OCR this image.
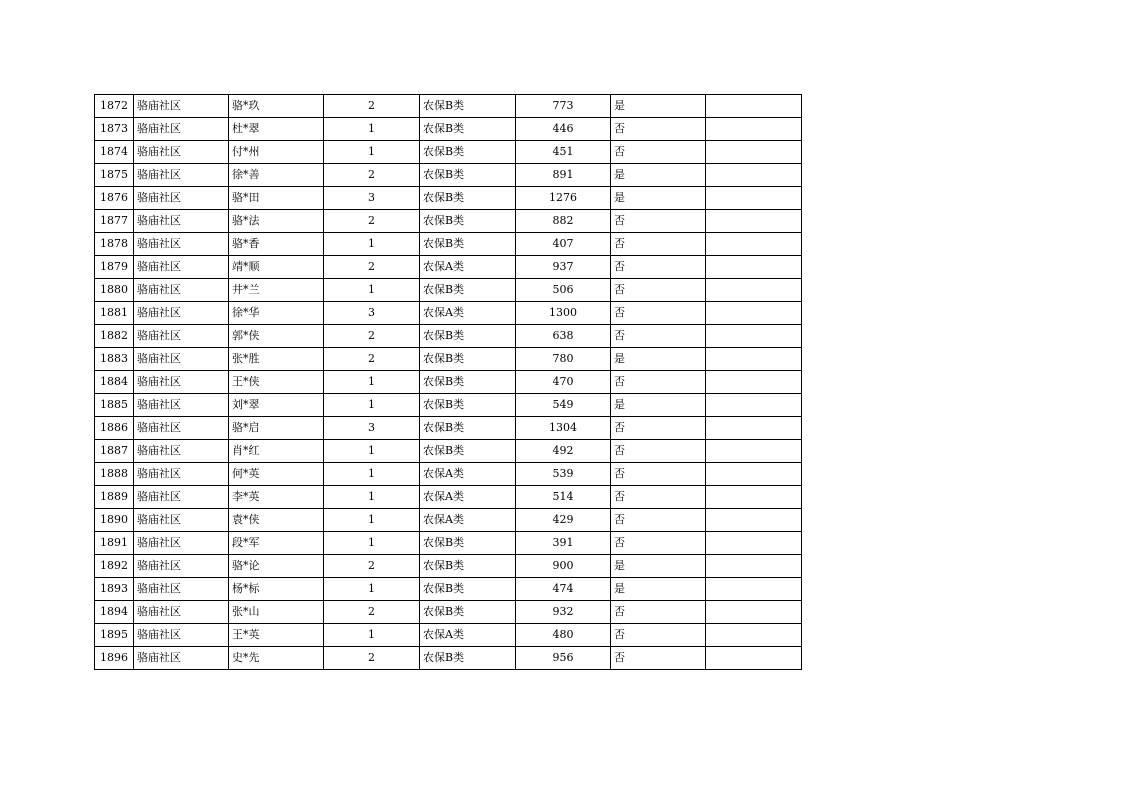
1872	骆庙社区	骆*玖	2	农保B类	773	是	
1873	骆庙社区	杜*翠	1	农保B类	446	否	
1874	骆庙社区	付*州	1	农保B类	451	否	
1875	骆庙社区	徐*善	2	农保B类	891	是	
1876	骆庙社区	骆*田	3	农保B类	1276	是	
1877	骆庙社区	骆*法	2	农保B类	882	否	
1878	骆庙社区	骆*香	1	农保B类	407	否	
1879	骆庙社区	靖*顺	2	农保A类	937	否	
1880	骆庙社区	井*兰	1	农保B类	506	否	
1881	骆庙社区	徐*华	3	农保A类	1300	否	
1882	骆庙社区	郭*侠	2	农保B类	638	否	
1883	骆庙社区	张*胜	2	农保B类	780	是	
1884	骆庙社区	王*侠	1	农保B类	470	否	
1885	骆庙社区	刘*翠	1	农保B类	549	是	
1886	骆庙社区	骆*启	3	农保B类	1304	否	
1887	骆庙社区	肖*红	1	农保B类	492	否	
1888	骆庙社区	何*英	1	农保A类	539	否	
1889	骆庙社区	李*英	1	农保A类	514	否	
1890	骆庙社区	袁*侠	1	农保A类	429	否	
1891	骆庙社区	段*军	1	农保B类	391	否	
1892	骆庙社区	骆*论	2	农保B类	900	是	
1893	骆庙社区	杨*标	1	农保B类	474	是	
1894	骆庙社区	张*山	2	农保B类	932	否	
1895	骆庙社区	王*英	1	农保A类	480	否	
1896	骆庙社区	史*先	2	农保B类	956	否	
